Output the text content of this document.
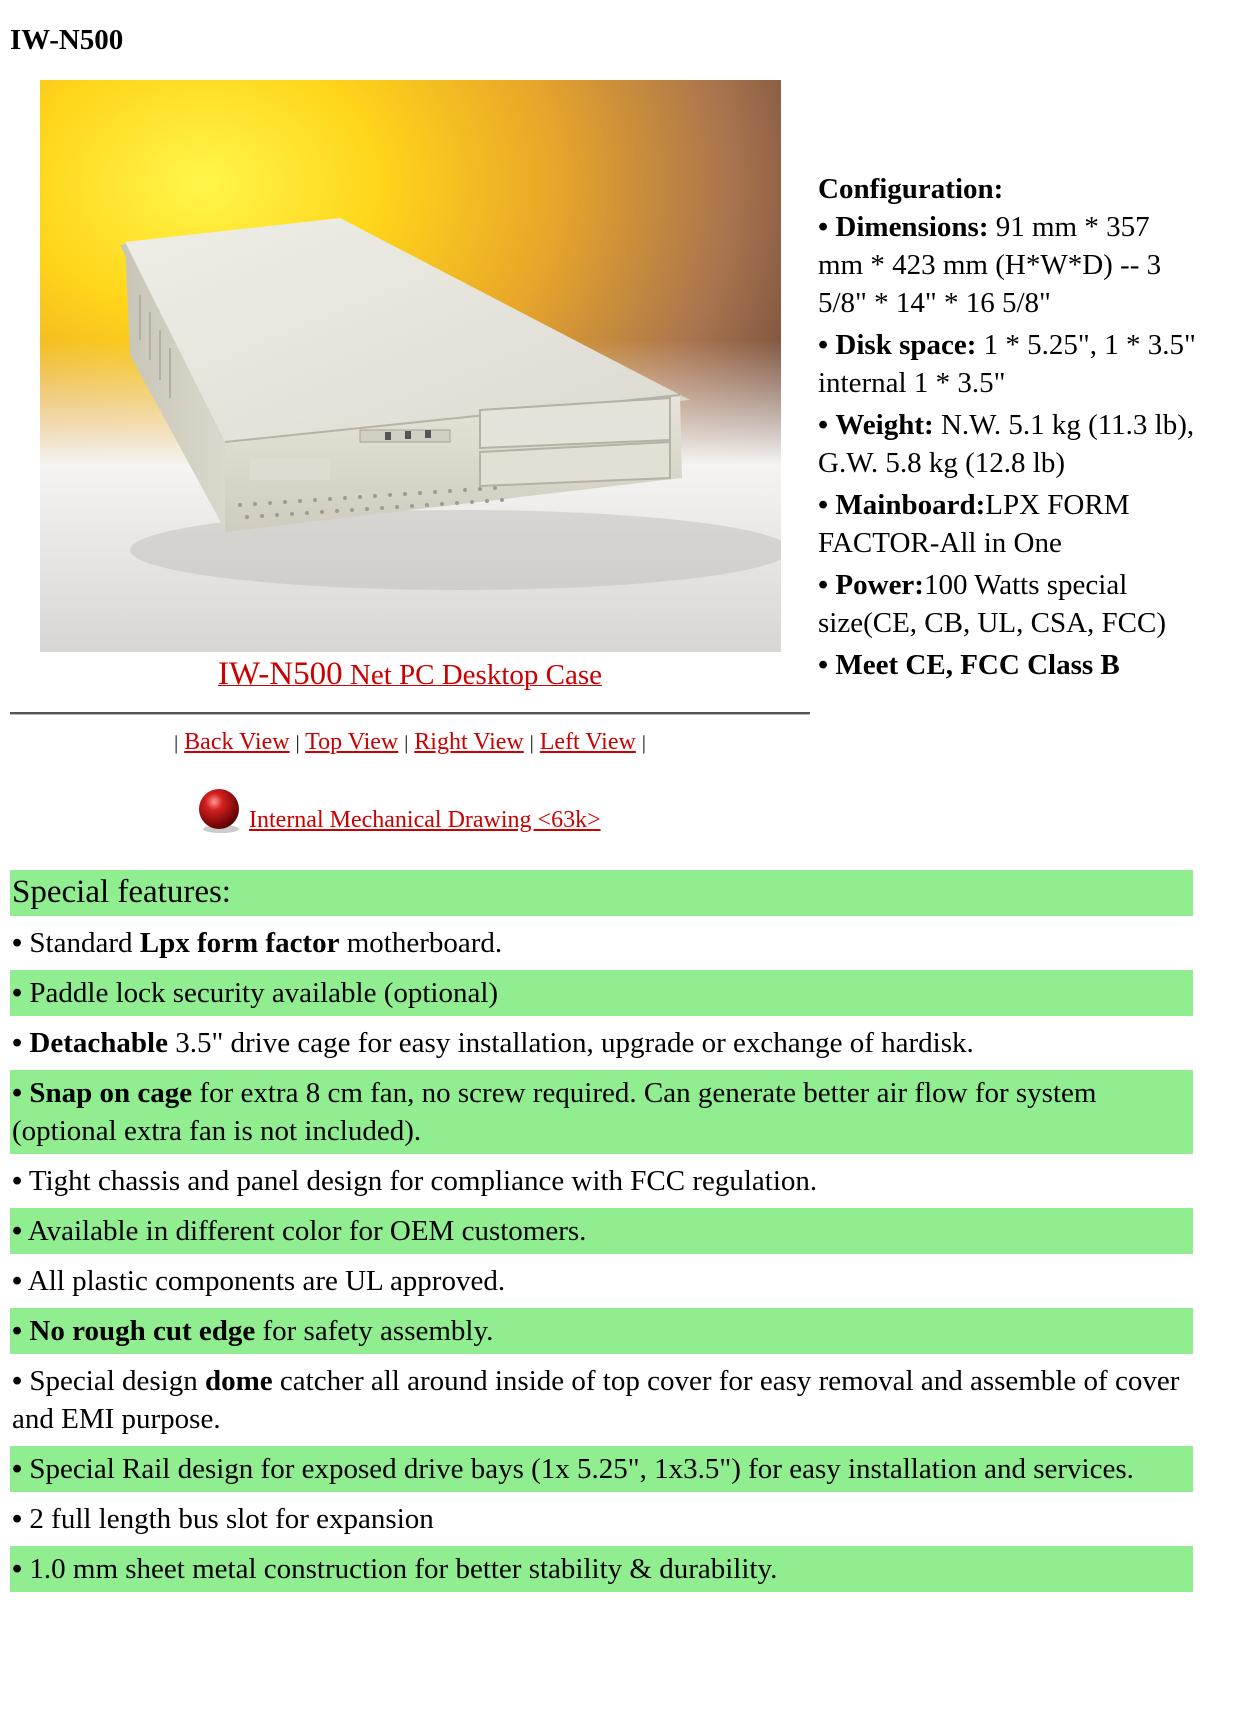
IW-N500
IW-N500 Net PC Desktop Case
| Back View | Top View | Right View | Left View |
Internal Mechanical Drawing <63k>
Configuration:
• Dimensions: 91 mm * 357 mm * 423 mm (H*W*D) -- 3 5/8" * 14" * 16 5/8"
• Disk space: 1 * 5.25", 1 * 3.5" internal 1 * 3.5"
• Weight: N.W. 5.1 kg (11.3 lb), G.W. 5.8 kg (12.8 lb)
• Mainboard:LPX FORM FACTOR-All in One
• Power:100 Watts special size(CE, CB, UL, CSA, FCC)
• Meet CE, FCC Class B
Special features:
• Standard Lpx form factor motherboard.
• Paddle lock security available (optional)
• Detachable 3.5" drive cage for easy installation, upgrade or exchange of hardisk.
• Snap on cage for extra 8 cm fan, no screw required. Can generate better air flow for system (optional extra fan is not included).
• Tight chassis and panel design for compliance with FCC regulation.
• Available in different color for OEM customers.
• All plastic components are UL approved.
• No rough cut edge for safety assembly.
• Special design dome catcher all around inside of top cover for easy removal and assemble of cover and EMI purpose.
• Special Rail design for exposed drive bays (1x 5.25", 1x3.5") for easy installation and services.
• 2 full length bus slot for expansion
• 1.0 mm sheet metal construction for better stability & durability.
